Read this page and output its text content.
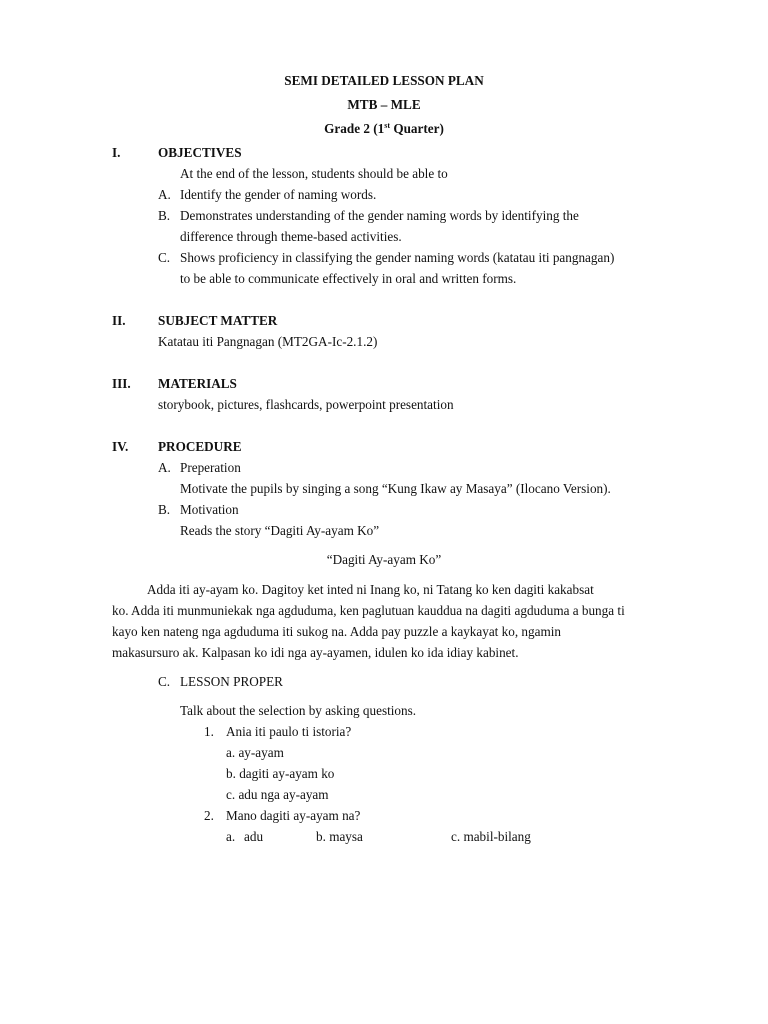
SEMI DETAILED LESSON PLAN
MTB – MLE
Grade 2 (1st Quarter)
I.	OBJECTIVES
At the end of the lesson, students should be able to
A. Identify the gender of naming words.
B. Demonstrates understanding of the gender naming words by identifying the
difference through theme-based activities.
C. Shows proficiency in classifying the gender naming words (katatau iti pangnagan)
to be able to communicate effectively in oral and written forms.
II. SUBJECT MATTER
Katatau iti Pangnagan (MT2GA-Ic-2.1.2)
III. MATERIALS
storybook, pictures, flashcards, powerpoint presentation
IV. PROCEDURE
A. Preperation
Motivate the pupils by singing a song “Kung Ikaw ay Masaya” (Ilocano Version).
B. Motivation
Reads the story “Dagiti Ay-ayam Ko”
“Dagiti Ay-ayam Ko”
Adda iti ay-ayam ko. Dagitoy ket inted ni Inang ko, ni Tatang ko ken dagiti kakabsat
ko. Adda iti munmuniekak nga agduduma, ken paglutuan kauddua na dagiti agduduma a bunga ti
kayo ken nateng nga agduduma iti sukog na. Adda pay puzzle a kaykayat ko, ngamin
makasursuro ak. Kalpasan ko idi nga ay-ayamen, idulen ko ida idiay kabinet.
C. LESSON PROPER
Talk about the selection by asking questions.
1. Ania iti paulo ti istoria?
a. ay-ayam
b. dagiti ay-ayam ko
c. adu nga ay-ayam
2. Mano dagiti ay-ayam na?
a. adu	b. maysa	c. mabil-bilang
